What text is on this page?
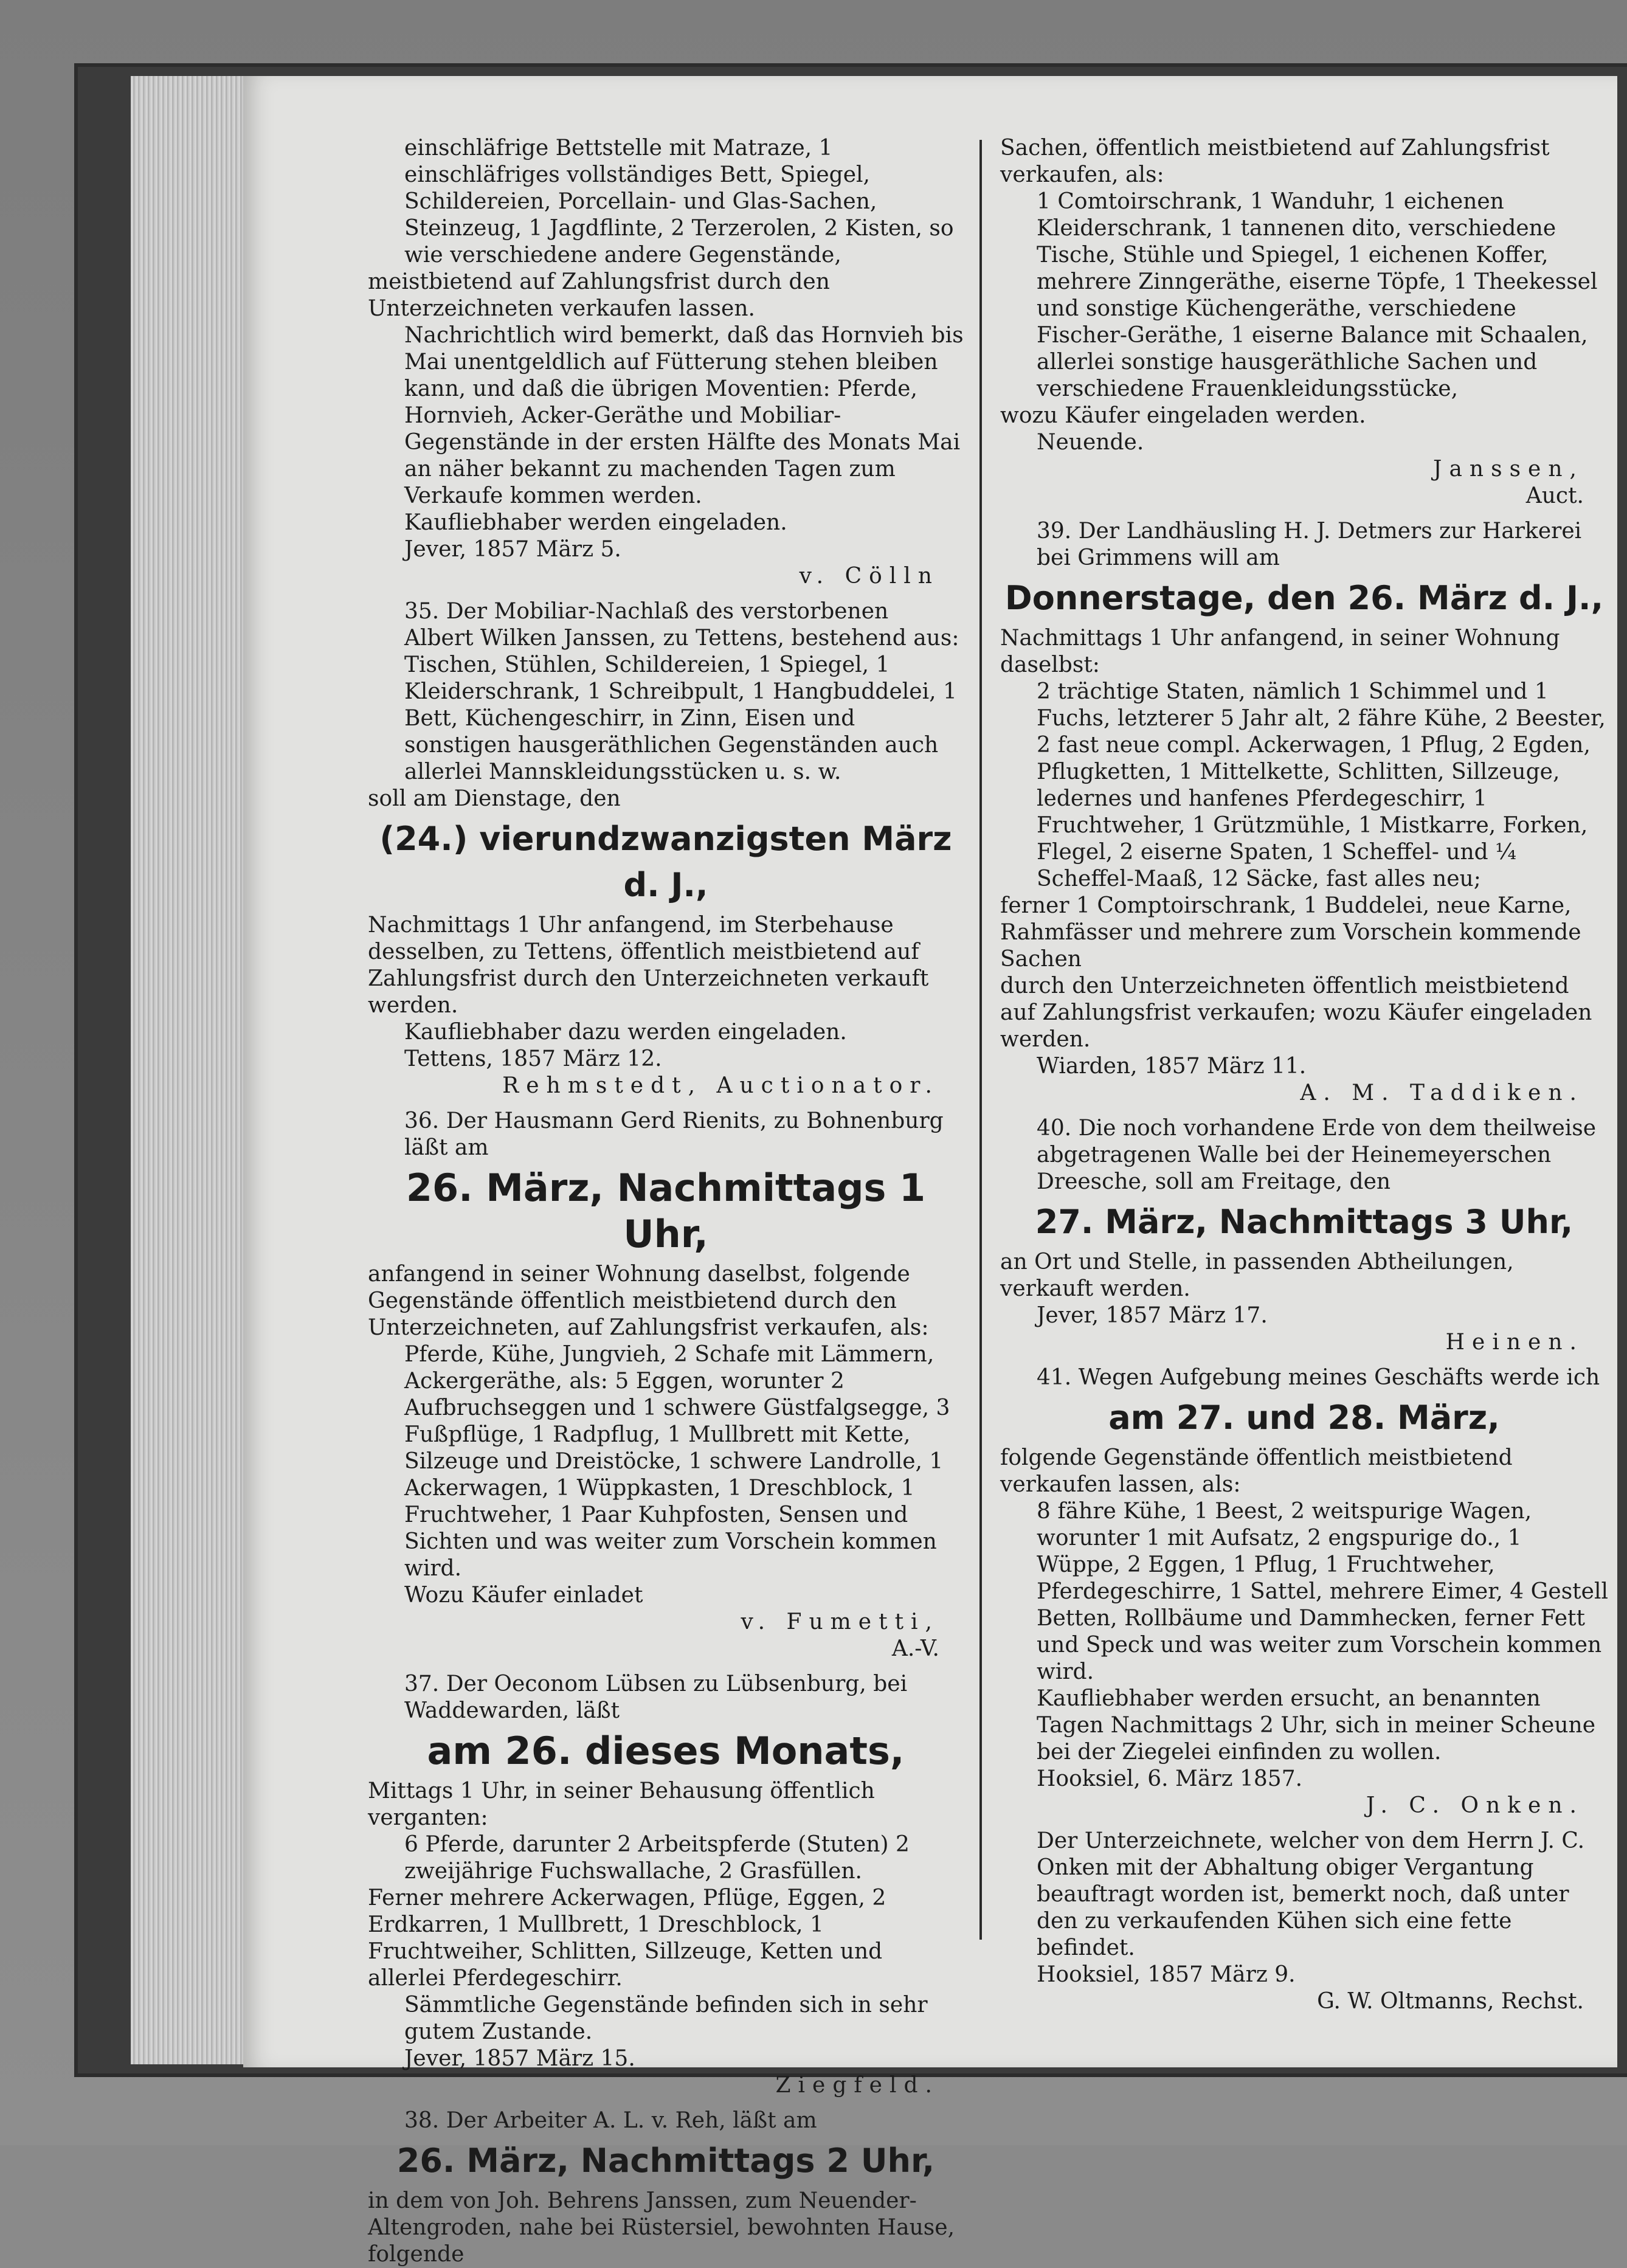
einschläfrige Bettstelle mit Matraze, 1 einschläfriges vollständiges Bett, Spiegel, Schildereien, Porcellain- und Glas-Sachen, Steinzeug, 1 Jagdflinte, 2 Terzerolen, 2 Kisten, so wie verschiedene andere Gegenstände,

meistbietend auf Zahlungsfrist durch den Unterzeichneten verkaufen lassen.

Nachrichtlich wird bemerkt, daß das Hornvieh bis Mai unentgeldlich auf Fütterung stehen bleiben kann, und daß die übrigen Moventien: Pferde, Hornvieh, Acker-Geräthe und Mobiliar-Gegenstände in der ersten Hälfte des Monats Mai an näher bekannt zu machenden Tagen zum Verkaufe kommen werden.

Kaufliebhaber werden eingeladen.

Jever, 1857 März 5.

v. Cölln

35. Der Mobiliar-Nachlaß des verstorbenen Albert Wilken Janssen, zu Tettens, bestehend aus:

Tischen, Stühlen, Schildereien, 1 Spiegel, 1 Kleiderschrank, 1 Schreibpult, 1 Hangbuddelei, 1 Bett, Küchengeschirr, in Zinn, Eisen und sonstigen hausgeräthlichen Gegenständen auch allerlei Mannskleidungsstücken u. s. w.

soll am Dienstage, den

(24.) vierundzwanzigsten März d. J.,

Nachmittags 1 Uhr anfangend, im Sterbehause desselben, zu Tettens, öffentlich meistbietend auf Zahlungsfrist durch den Unterzeichneten verkauft werden.

Kaufliebhaber dazu werden eingeladen.

Tettens, 1857 März 12.

Rehmstedt, Auctionator.

36. Der Hausmann Gerd Rienits, zu Bohnenburg läßt am

26. März, Nachmittags 1 Uhr,

anfangend in seiner Wohnung daselbst, folgende Gegenstände öffentlich meistbietend durch den Unterzeichneten, auf Zahlungsfrist verkaufen, als:

Pferde, Kühe, Jungvieh, 2 Schafe mit Lämmern, Ackergeräthe, als: 5 Eggen, worunter 2 Aufbruchseggen und 1 schwere Güstfalgsegge, 3 Fußpflüge, 1 Radpflug, 1 Mullbrett mit Kette, Silzeuge und Dreistöcke, 1 schwere Landrolle, 1 Ackerwagen, 1 Wüppkasten, 1 Dreschblock, 1 Fruchtweher, 1 Paar Kuhpfosten, Sensen und Sichten und was weiter zum Vorschein kommen wird.

Wozu Käufer einladet

v. Fumetti,

A.-V.

37. Der Oeconom Lübsen zu Lübsenburg, bei Waddewarden, läßt

am 26. dieses Monats,

Mittags 1 Uhr, in seiner Behausung öffentlich verganten:

6 Pferde, darunter 2 Arbeitspferde (Stuten) 2 zweijährige Fuchswallache, 2 Grasfüllen.

Ferner mehrere Ackerwagen, Pflüge, Eggen, 2 Erdkarren, 1 Mullbrett, 1 Dreschblock, 1 Fruchtweiher, Schlitten, Sillzeuge, Ketten und allerlei Pferdegeschirr.

Sämmtliche Gegenstände befinden sich in sehr gutem Zustande.

Jever, 1857 März 15.

Ziegfeld.

38. Der Arbeiter A. L. v. Reh, läßt am

26. März, Nachmittags 2 Uhr,

in dem von Joh. Behrens Janssen, zum Neuender-Altengroden, nahe bei Rüstersiel, bewohnten Hause, folgende

Sachen, öffentlich meistbietend auf Zahlungsfrist verkaufen, als:

1 Comtoirschrank, 1 Wanduhr, 1 eichenen Kleiderschrank, 1 tannenen dito, verschiedene Tische, Stühle und Spiegel, 1 eichenen Koffer, mehrere Zinngeräthe, eiserne Töpfe, 1 Theekessel und sonstige Küchengeräthe, verschiedene Fischer-Geräthe, 1 eiserne Balance mit Schaalen, allerlei sonstige hausgeräthliche Sachen und verschiedene Frauenkleidungsstücke,

wozu Käufer eingeladen werden.

Neuende.

Janssen,

Auct.

39. Der Landhäusling H. J. Detmers zur Harkerei bei Grimmens will am

Donnerstage, den 26. März d. J.,

Nachmittags 1 Uhr anfangend, in seiner Wohnung daselbst:

2 trächtige Staten, nämlich 1 Schimmel und 1 Fuchs, letzterer 5 Jahr alt, 2 fähre Kühe, 2 Beester, 2 fast neue compl. Ackerwagen, 1 Pflug, 2 Egden, Pflugketten, 1 Mittelkette, Schlitten, Sillzeuge, ledernes und hanfenes Pferdegeschirr, 1 Fruchtweher, 1 Grützmühle, 1 Mistkarre, Forken, Flegel, 2 eiserne Spaten, 1 Scheffel- und ¼ Scheffel-Maaß, 12 Säcke, fast alles neu;

ferner 1 Comptoirschrank, 1 Buddelei, neue Karne, Rahmfässer und mehrere zum Vorschein kommende Sachen

durch den Unterzeichneten öffentlich meistbietend auf Zahlungsfrist verkaufen; wozu Käufer eingeladen werden.

Wiarden, 1857 März 11.

A. M. Taddiken.

40. Die noch vorhandene Erde von dem theilweise abgetragenen Walle bei der Heinemeyerschen Dreesche, soll am Freitage, den

27. März, Nachmittags 3 Uhr,

an Ort und Stelle, in passenden Abtheilungen, verkauft werden.

Jever, 1857 März 17.

Heinen.

41. Wegen Aufgebung meines Geschäfts werde ich

am 27. und 28. März,

folgende Gegenstände öffentlich meistbietend verkaufen lassen, als:

8 fähre Kühe, 1 Beest, 2 weitspurige Wagen, worunter 1 mit Aufsatz, 2 engspurige do., 1 Wüppe, 2 Eggen, 1 Pflug, 1 Fruchtweher, Pferdegeschirre, 1 Sattel, mehrere Eimer, 4 Gestell Betten, Rollbäume und Dammhecken, ferner Fett und Speck und was weiter zum Vorschein kommen wird.

Kaufliebhaber werden ersucht, an benannten Tagen Nachmittags 2 Uhr, sich in meiner Scheune bei der Ziegelei einfinden zu wollen.

Hooksiel, 6. März 1857.

J. C. Onken.

Der Unterzeichnete, welcher von dem Herrn J. C. Onken mit der Abhaltung obiger Vergantung beauftragt worden ist, bemerkt noch, daß unter den zu verkaufenden Kühen sich eine fette befindet.

Hooksiel, 1857 März 9.

G. W. Oltmanns, Rechst.
